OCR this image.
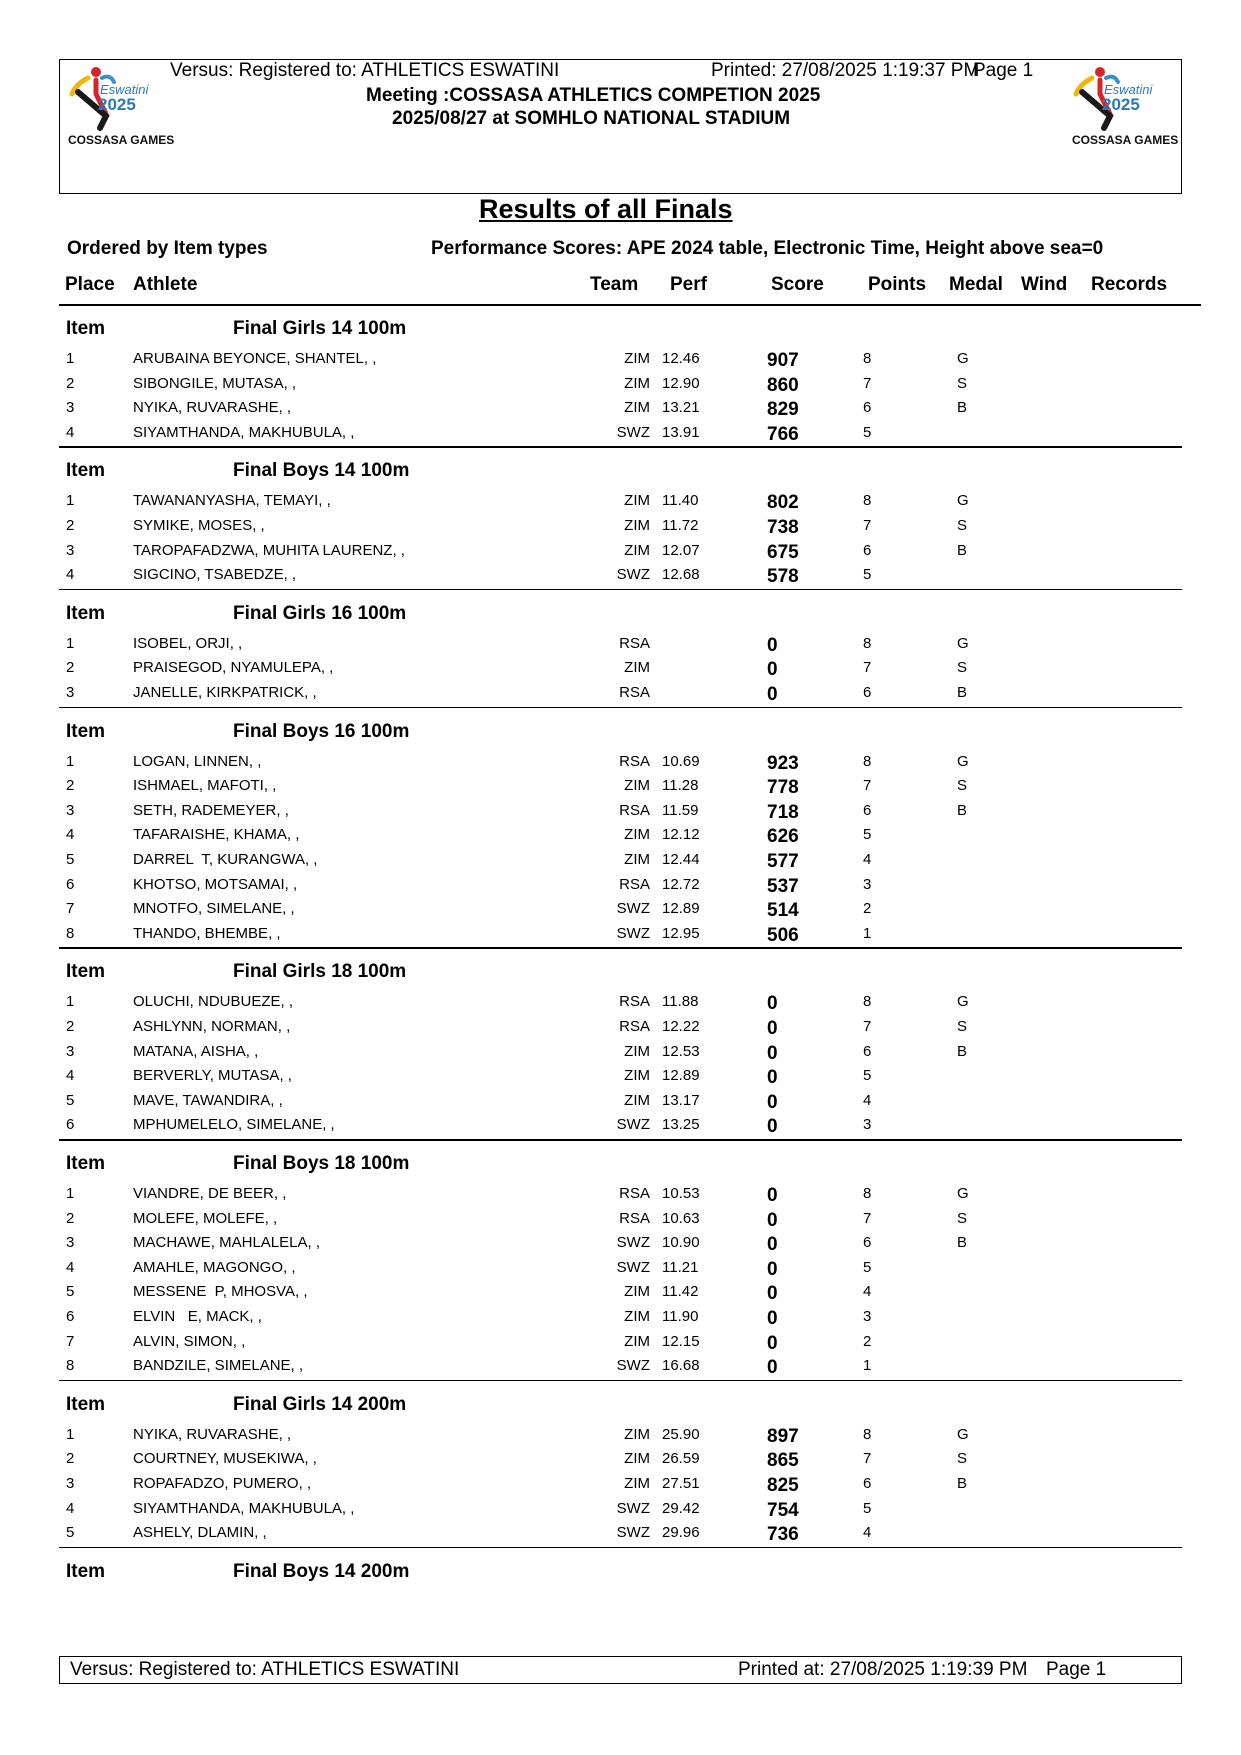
Eswatini
2025
COSSASA GAMES
Eswatini
2025
COSSASA GAMES
Versus: Registered to: ATHLETICS ESWATINI	Printed: 27/08/2025 1:19:37 PM
Page 1
Meeting :COSSASA ATHLETICS COMPETION 2025
2025/08/27 at SOMHLO NATIONAL STADIUM
Results of all Finals
Ordered by Item types	Performance Scores: APE 2024 table, Electronic Time, Height above sea=0
Place Athlete	Team Perf	Score Points Medal Wind Records
Item	Final Girls 14 100m
1	ARUBAINA BEYONCE, SHANTEL, ,	ZIM 12.46	907	8	G
2	SIBONGILE, MUTASA, ,	ZIM 12.90	860	7	S
3	NYIKA, RUVARASHE, ,	ZIM 13.21	829	6	B
4	SIYAMTHANDA, MAKHUBULA, ,	SWZ 13.91	766	5
Item	Final Boys 14 100m
1	TAWANANYASHA, TEMAYI, ,	ZIM 11.40	802	8	G
2	SYMIKE, MOSES, ,	ZIM 11.72	738	7	S
3	TAROPAFADZWA, MUHITA LAURENZ, ,	ZIM 12.07	675	6	B
4	SIGCINO, TSABEDZE, ,	SWZ 12.68	578	5
Item	Final Girls 16 100m
1	ISOBEL, ORJI, ,	RSA	0	8	G
2	PRAISEGOD, NYAMULEPA, ,	ZIM	0	7	S
3	JANELLE, KIRKPATRICK, ,	RSA	0	6	B
Item	Final Boys 16 100m
1	LOGAN, LINNEN, ,	RSA 10.69	923	8	G
2	ISHMAEL, MAFOTI, ,	ZIM 11.28	778	7	S
3	SETH, RADEMEYER, ,	RSA 11.59	718	6	B
4	TAFARAISHE, KHAMA, ,	ZIM 12.12	626	5
5	DARREL  T, KURANGWA, ,	ZIM 12.44	577	4
6	KHOTSO, MOTSAMAI, ,	RSA 12.72	537	3
7	MNOTFO, SIMELANE, ,	SWZ 12.89	514	2
8	THANDO, BHEMBE, ,	SWZ 12.95	506	1
Item	Final Girls 18 100m
1	OLUCHI, NDUBUEZE, ,	RSA 11.88	0	8	G
2	ASHLYNN, NORMAN, ,	RSA 12.22	0	7	S
3	MATANA, AISHA, ,	ZIM 12.53	0	6	B
4	BERVERLY, MUTASA, ,	ZIM 12.89	0	5
5	MAVE, TAWANDIRA, ,	ZIM 13.17	0	4
6	MPHUMELELO, SIMELANE, ,	SWZ 13.25	0	3
Item	Final Boys 18 100m
1	VIANDRE, DE BEER, ,	RSA 10.53	0	8	G
2	MOLEFE, MOLEFE, ,	RSA 10.63	0	7	S
3	MACHAWE, MAHLALELA, ,	SWZ 10.90	0	6	B
4	AMAHLE, MAGONGO, ,	SWZ 11.21	0	5
5	MESSENE  P, MHOSVA, ,	ZIM 11.42	0	4
6	ELVIN   E, MACK, ,	ZIM 11.90	0	3
7	ALVIN, SIMON, ,	ZIM 12.15	0	2
8	BANDZILE, SIMELANE, ,	SWZ 16.68	0	1
Item	Final Girls 14 200m
1	NYIKA, RUVARASHE, ,	ZIM 25.90	897	8	G
2	COURTNEY, MUSEKIWA, ,	ZIM 26.59	865	7	S
3	ROPAFADZO, PUMERO, ,	ZIM 27.51	825	6	B
4	SIYAMTHANDA, MAKHUBULA, ,	SWZ 29.42	754	5
5	ASHELY, DLAMIN, ,	SWZ 29.96	736	4
Item	Final Boys 14 200m
Versus: Registered to: ATHLETICS ESWATINI	Printed at: 27/08/2025 1:19:39 PM Page 1
